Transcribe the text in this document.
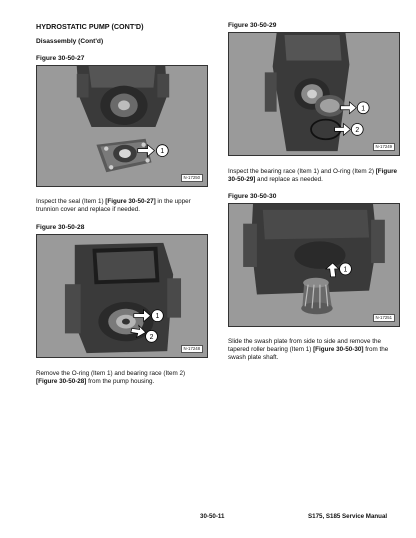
HYDROSTATIC PUMP (CONT'D)
Disassembly (Cont'd)
Figure 30-50-27
1
N-17250
Inspect the seal (Item 1) [Figure 30-50-27] in the upper trunnion cover and replace if needed.
Figure 30-50-28
1
2
N-17248
Remove the O-ring (Item 1) and bearing race (Item 2) [Figure 30-50-28] from the pump housing.
Figure 30-50-29
1
2
N-17249
Inspect the bearing race (Item 1) and O-ring (Item 2) [Figure 30-50-29] and replace as needed.
Figure 30-50-30
1
N-17251
Slide the swash plate from side to side and remove the tapered roller bearing (Item 1) [Figure 30-50-30] from the swash plate shaft.
30-50-11	S175, S185 Service Manual
